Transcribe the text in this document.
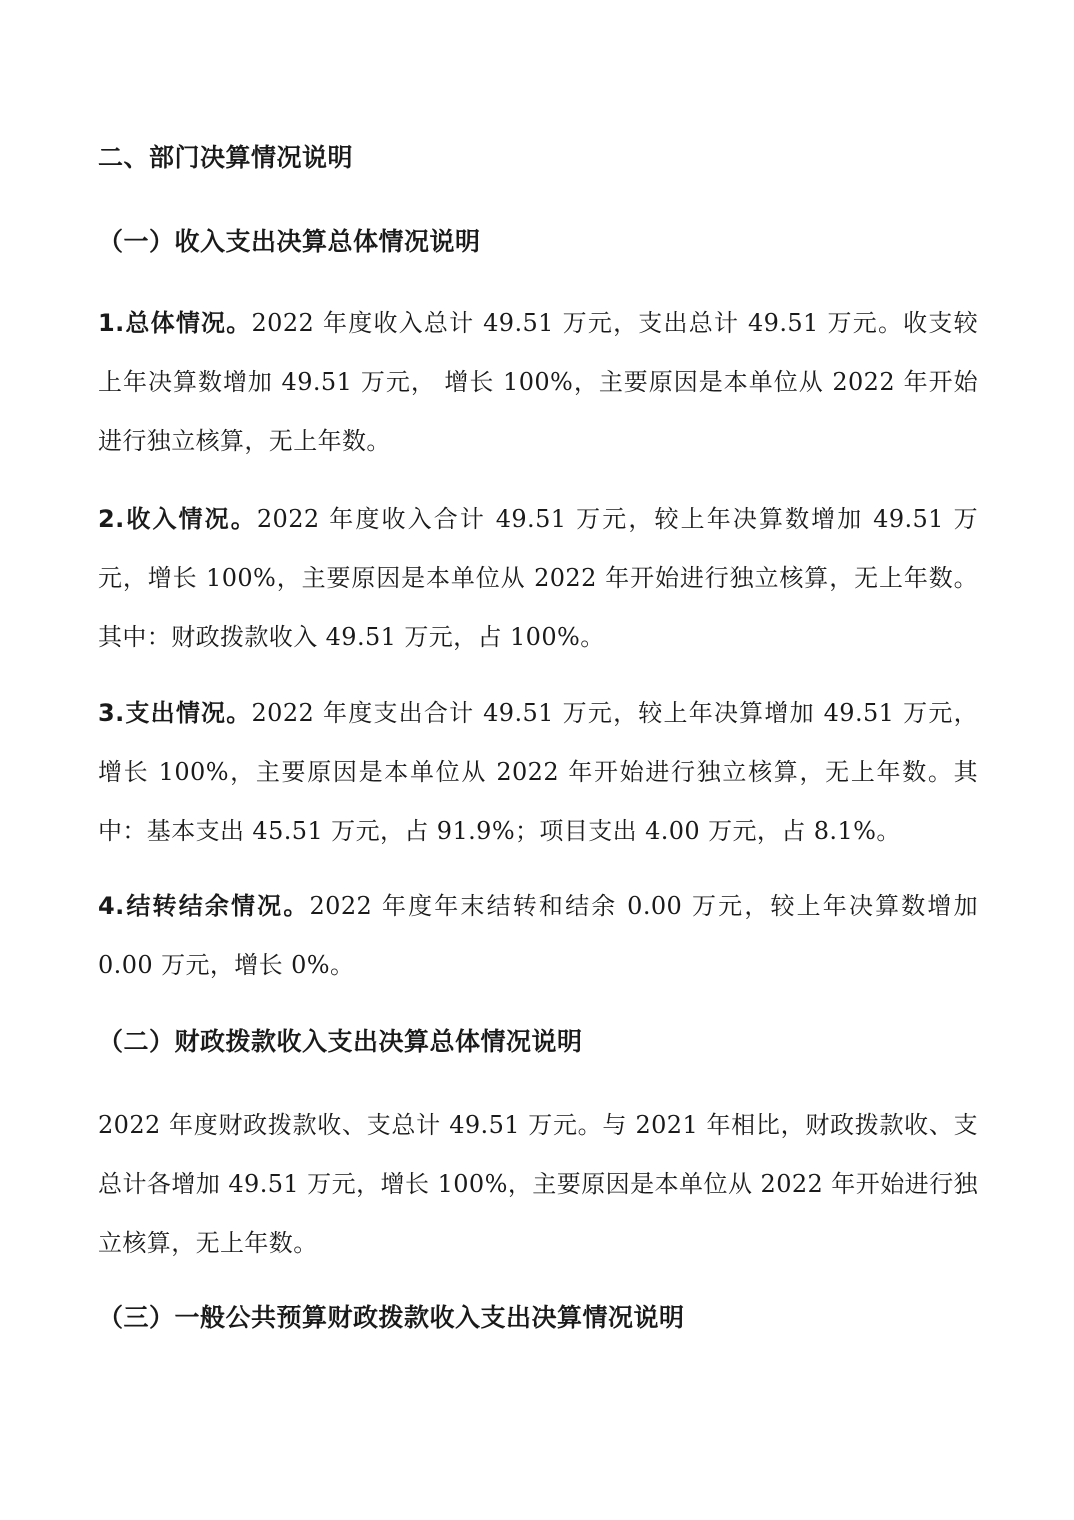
二、部门决算情况说明
（一）收入支出决算总体情况说明

1.总体情况。2022 年度收入总计 49.51 万元，支出总计 49.51 万元。收支较上年决算数增加 49.51 万元， 增长 100%，主要原因是本单位从 2022 年开始进行独立核算，无上年数。

2.收入情况。2022 年度收入合计 49.51 万元，较上年决算数增加 49.51 万元，增长 100%，主要原因是本单位从 2022 年开始进行独立核算，无上年数。其中：财政拨款收入 49.51 万元，占 100%。

3.支出情况。2022 年度支出合计 49.51 万元，较上年决算增加 49.51 万元，增长 100%，主要原因是本单位从 2022 年开始进行独立核算，无上年数。其中：基本支出 45.51 万元，占 91.9%；项目支出 4.00 万元，占 8.1%。

4.结转结余情况。2022 年度年末结转和结余 0.00 万元，较上年决算数增加 0.00 万元，增长 0%。

（二）财政拨款收入支出决算总体情况说明

2022 年度财政拨款收、支总计 49.51 万元。与 2021 年相比，财政拨款收、支总计各增加 49.51 万元，增长 100%，主要原因是本单位从 2022 年开始进行独立核算，无上年数。

（三）一般公共预算财政拨款收入支出决算情况说明
